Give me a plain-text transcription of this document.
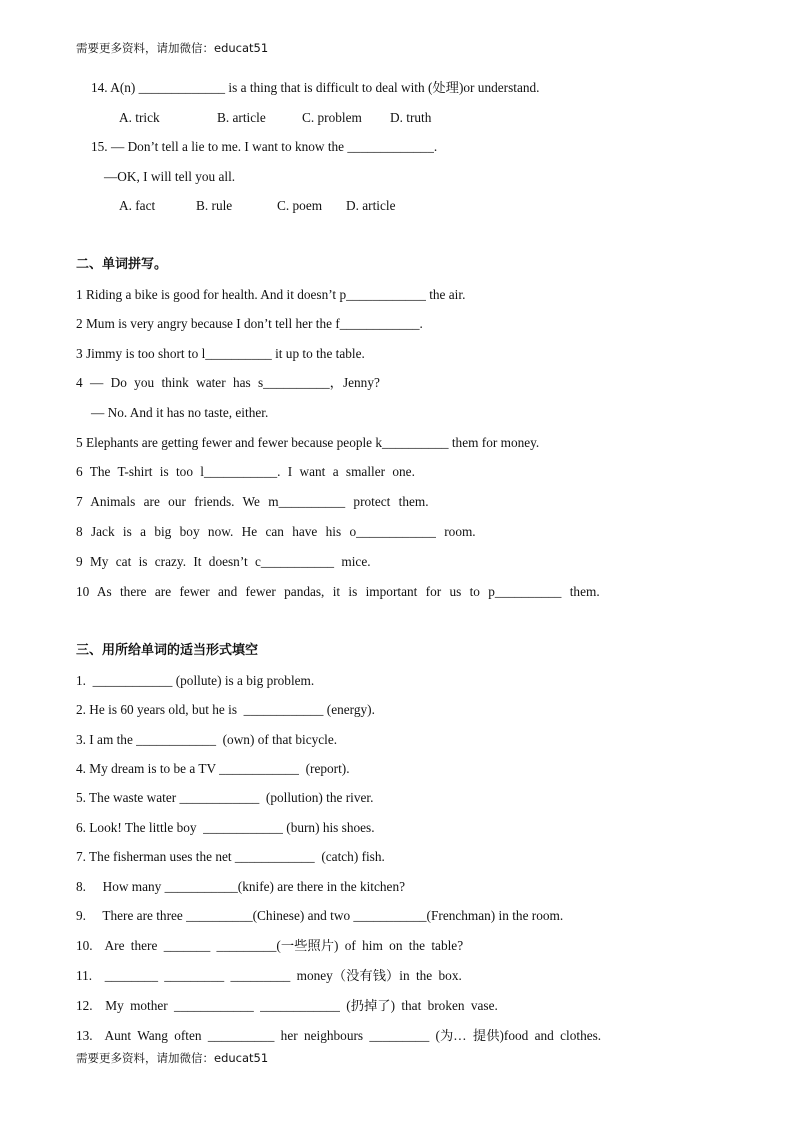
需要更多资料，请加微信：educat51
14. A(n) _____________ is a thing that is difficult to deal with (处理)or understand.
A. trick	B. article	C. problem D. truth
15. — Don’t tell a lie to me. I want to know the _____________.
—OK, I will tell you all.
A. fact	B. rule	C. poem D. article
二、单词拼写。
1 Riding a bike is good for health. And it doesn’t p____________ the air.
2 Mum is very angry because I don’t tell her the f____________.
3 Jimmy is too short to l__________ it up to the table.
4 — Do you think water has s__________，Jenny?
— No. And it has no taste, either.
5 Elephants are getting fewer and fewer because people k__________ them for money.
6 The T-shirt is too l___________. I want a smaller one.
7 Animals are our friends. We m__________ protect them.
8 Jack is a big boy now. He can have his o____________ room.
9 My cat is crazy. It doesn’t c___________ mice.
10 As there are fewer and fewer pandas, it is important for us to p__________ them.
三、用所给单词的适当形式填空
1.  ____________ (pollute) is a big problem.
2. He is 60 years old, but he is  ____________ (energy).
3. I am the ____________  (own) of that bicycle.
4. My dream is to be a TV ____________  (report).
5. The waste water ____________  (pollution) the river.
6. Look! The little boy  ____________ (burn) his shoes.
7. The fisherman uses the net ____________  (catch) fish.
8.     How many ___________(knife) are there in the kitchen?
9.     There are three __________(Chinese) and two ___________(Frenchman) in the room.
10.  Are there _______ _________(一些照片) of him on the table?
11.  ________ _________ _________ money（没有钱）in the box.
12.  My mother ____________ ____________ (扔掉了) that broken vase.
13.  Aunt Wang often __________ her neighbours _________ (为… 提供)food and clothes.
需要更多资料，请加微信：educat51
